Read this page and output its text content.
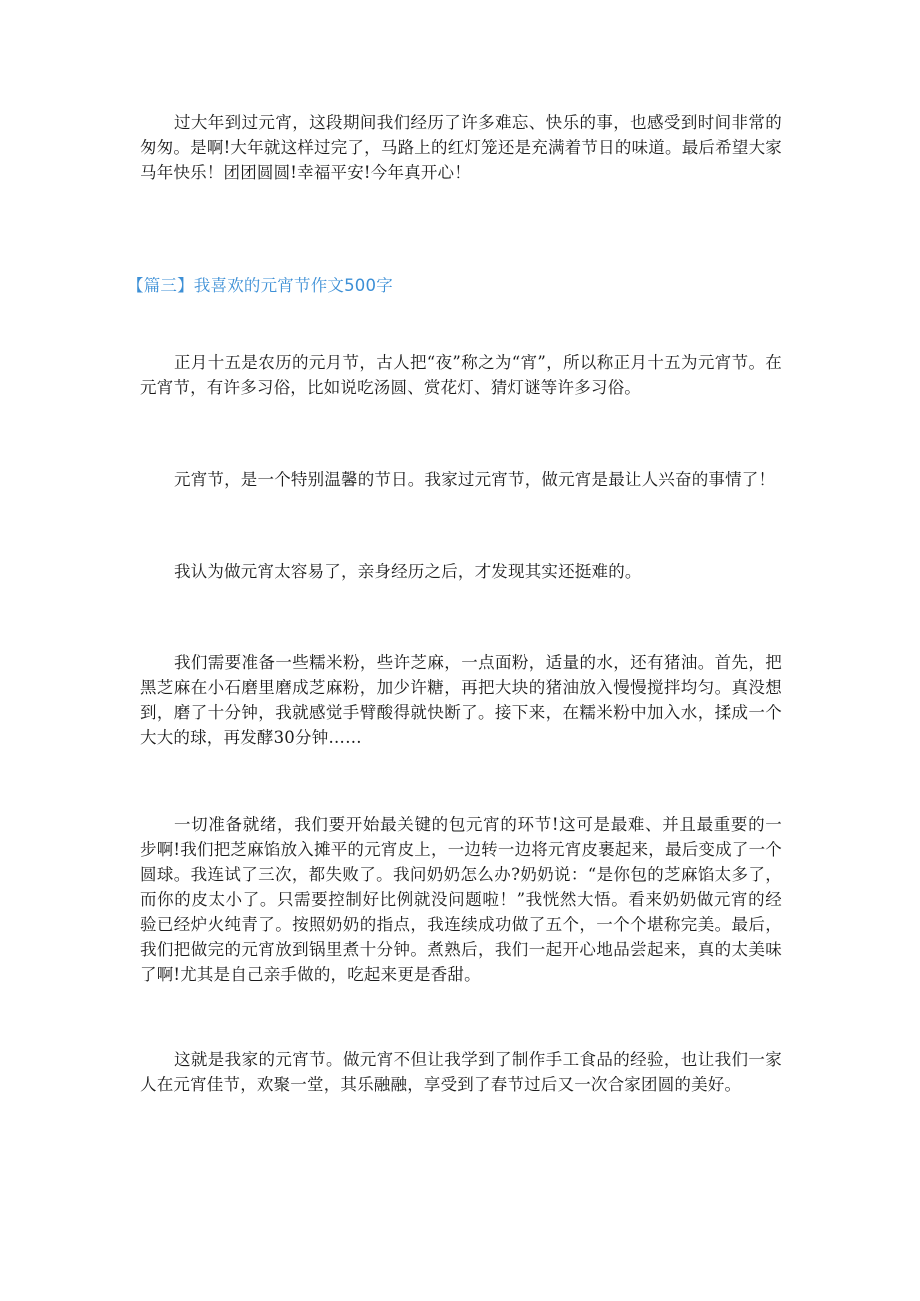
过大年到过元宵，这段期间我们经历了许多难忘、快乐的事，也感受到时间非常的匆匆。是啊!大年就这样过完了，马路上的红灯笼还是充满着节日的味道。最后希望大家马年快乐！团团圆圆!幸福平安!今年真开心！

【篇三】我喜欢的元宵节作文500字

正月十五是农历的元月节，古人把“夜”称之为“宵”，所以称正月十五为元宵节。在元宵节，有许多习俗，比如说吃汤圆、赏花灯、猜灯谜等许多习俗。

元宵节，是一个特别温馨的节日。我家过元宵节，做元宵是最让人兴奋的事情了！

我认为做元宵太容易了，亲身经历之后，才发现其实还挺难的。

我们需要准备一些糯米粉，些许芝麻，一点面粉，适量的水，还有猪油。首先，把黑芝麻在小石磨里磨成芝麻粉，加少许糖，再把大块的猪油放入慢慢搅拌均匀。真没想到，磨了十分钟，我就感觉手臂酸得就快断了。接下来，在糯米粉中加入水，揉成一个大大的球，再发酵30分钟……

一切准备就绪，我们要开始最关键的包元宵的环节!这可是最难、并且最重要的一步啊!我们把芝麻馅放入摊平的元宵皮上，一边转一边将元宵皮裹起来，最后变成了一个圆球。我连试了三次，都失败了。我问奶奶怎么办?奶奶说：“是你包的芝麻馅太多了，而你的皮太小了。只需要控制好比例就没问题啦！”我恍然大悟。看来奶奶做元宵的经验已经炉火纯青了。按照奶奶的指点，我连续成功做了五个，一个个堪称完美。最后，我们把做完的元宵放到锅里煮十分钟。煮熟后，我们一起开心地品尝起来，真的太美味了啊!尤其是自己亲手做的，吃起来更是香甜。

这就是我家的元宵节。做元宵不但让我学到了制作手工食品的经验，也让我们一家人在元宵佳节，欢聚一堂，其乐融融，享受到了春节过后又一次合家团圆的美好。
